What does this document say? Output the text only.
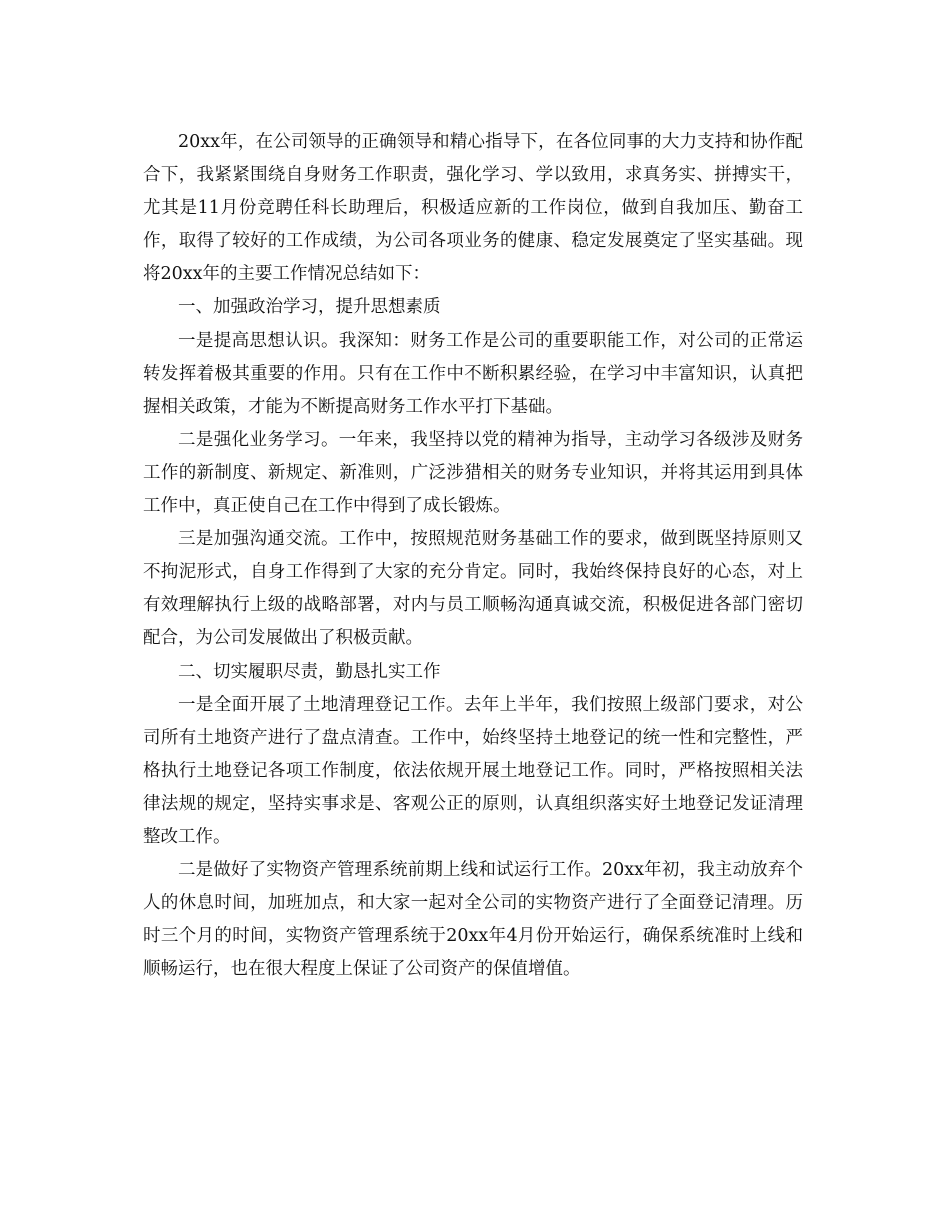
20xx年，在公司领导的正确领导和精心指导下，在各位同事的大力支持和协作配合下，我紧紧围绕自身财务工作职责，强化学习、学以致用，求真务实、拼搏实干，尤其是11月份竞聘任科长助理后，积极适应新的工作岗位，做到自我加压、勤奋工作，取得了较好的工作成绩，为公司各项业务的健康、稳定发展奠定了坚实基础。现将20xx年的主要工作情况总结如下：

一、加强政治学习，提升思想素质

一是提高思想认识。我深知：财务工作是公司的重要职能工作，对公司的正常运转发挥着极其重要的作用。只有在工作中不断积累经验，在学习中丰富知识，认真把握相关政策，才能为不断提高财务工作水平打下基础。

二是强化业务学习。一年来，我坚持以党的精神为指导，主动学习各级涉及财务工作的新制度、新规定、新准则，广泛涉猎相关的财务专业知识，并将其运用到具体工作中，真正使自己在工作中得到了成长锻炼。

三是加强沟通交流。工作中，按照规范财务基础工作的要求，做到既坚持原则又不拘泥形式，自身工作得到了大家的充分肯定。同时，我始终保持良好的心态，对上有效理解执行上级的战略部署，对内与员工顺畅沟通真诚交流，积极促进各部门密切配合，为公司发展做出了积极贡献。

二、切实履职尽责，勤恳扎实工作

一是全面开展了土地清理登记工作。去年上半年，我们按照上级部门要求，对公司所有土地资产进行了盘点清查。工作中，始终坚持土地登记的统一性和完整性，严格执行土地登记各项工作制度，依法依规开展土地登记工作。同时，严格按照相关法律法规的规定，坚持实事求是、客观公正的原则，认真组织落实好土地登记发证清理整改工作。

二是做好了实物资产管理系统前期上线和试运行工作。20xx年初，我主动放弃个人的休息时间，加班加点，和大家一起对全公司的实物资产进行了全面登记清理。历时三个月的时间，实物资产管理系统于20xx年4月份开始运行，确保系统准时上线和顺畅运行，也在很大程度上保证了公司资产的保值增值。
